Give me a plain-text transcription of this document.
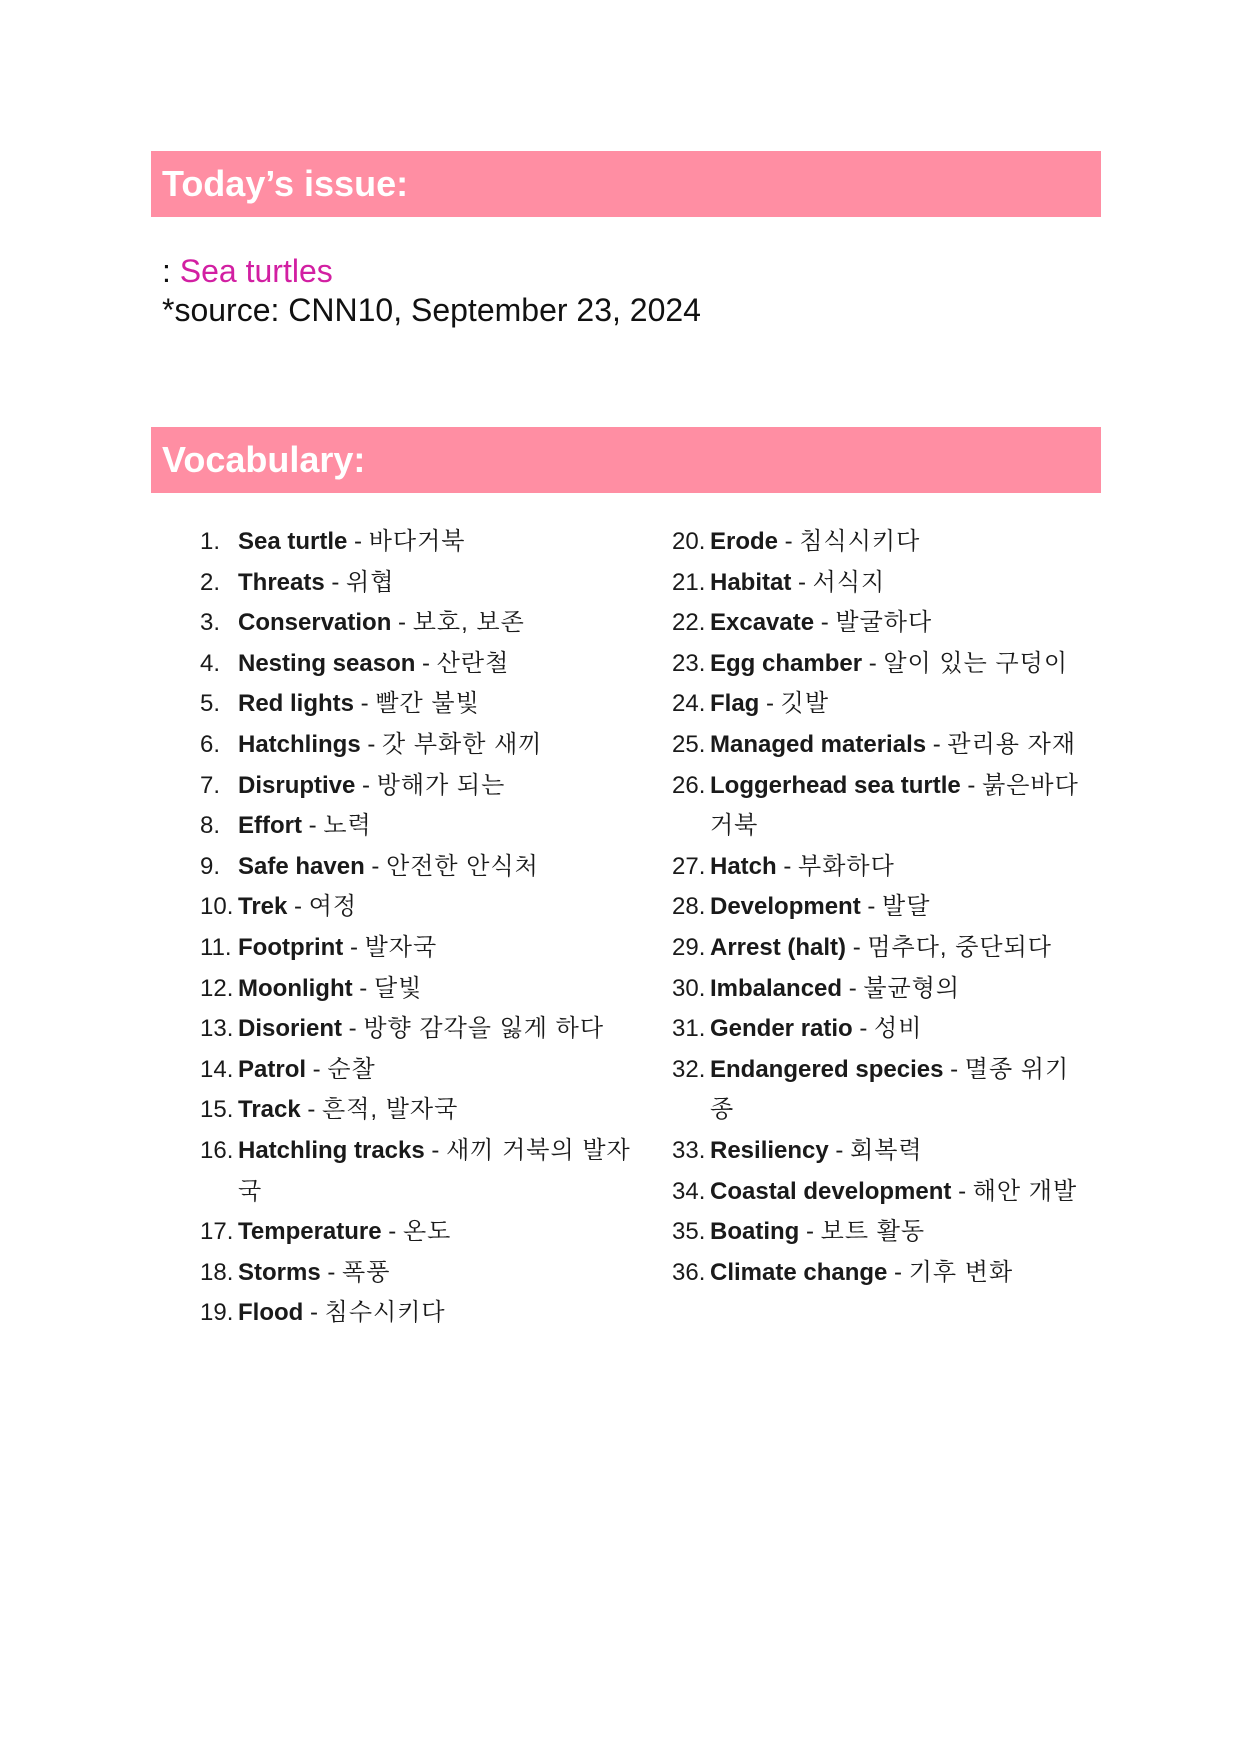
Today’s issue:
: Sea turtles
*source: CNN10, September 23, 2024
Vocabulary:
1. Sea turtle - 바다거북
2. Threats - 위협
3. Conservation - 보호, 보존
4. Nesting season - 산란철
5. Red lights - 빨간 불빛
6. Hatchlings - 갓 부화한 새끼
7. Disruptive - 방해가 되는
8. Effort - 노력
9. Safe haven - 안전한 안식처
10. Trek - 여정
11. Footprint - 발자국
12. Moonlight - 달빛
13. Disorient - 방향 감각을 잃게 하다
14. Patrol - 순찰
15. Track - 흔적, 발자국
16. Hatchling tracks - 새끼 거북의 발자국
17. Temperature - 온도
18. Storms - 폭풍
19. Flood - 침수시키다
20. Erode - 침식시키다
21. Habitat - 서식지
22. Excavate - 발굴하다
23. Egg chamber - 알이 있는 구덩이
24. Flag - 깃발
25. Managed materials - 관리용 자재
26. Loggerhead sea turtle - 붉은바다거북
27. Hatch - 부화하다
28. Development - 발달
29. Arrest (halt) - 멈추다, 중단되다
30. Imbalanced - 불균형의
31. Gender ratio - 성비
32. Endangered species - 멸종 위기 종
33. Resiliency - 회복력
34. Coastal development - 해안 개발
35. Boating - 보트 활동
36. Climate change - 기후 변화
